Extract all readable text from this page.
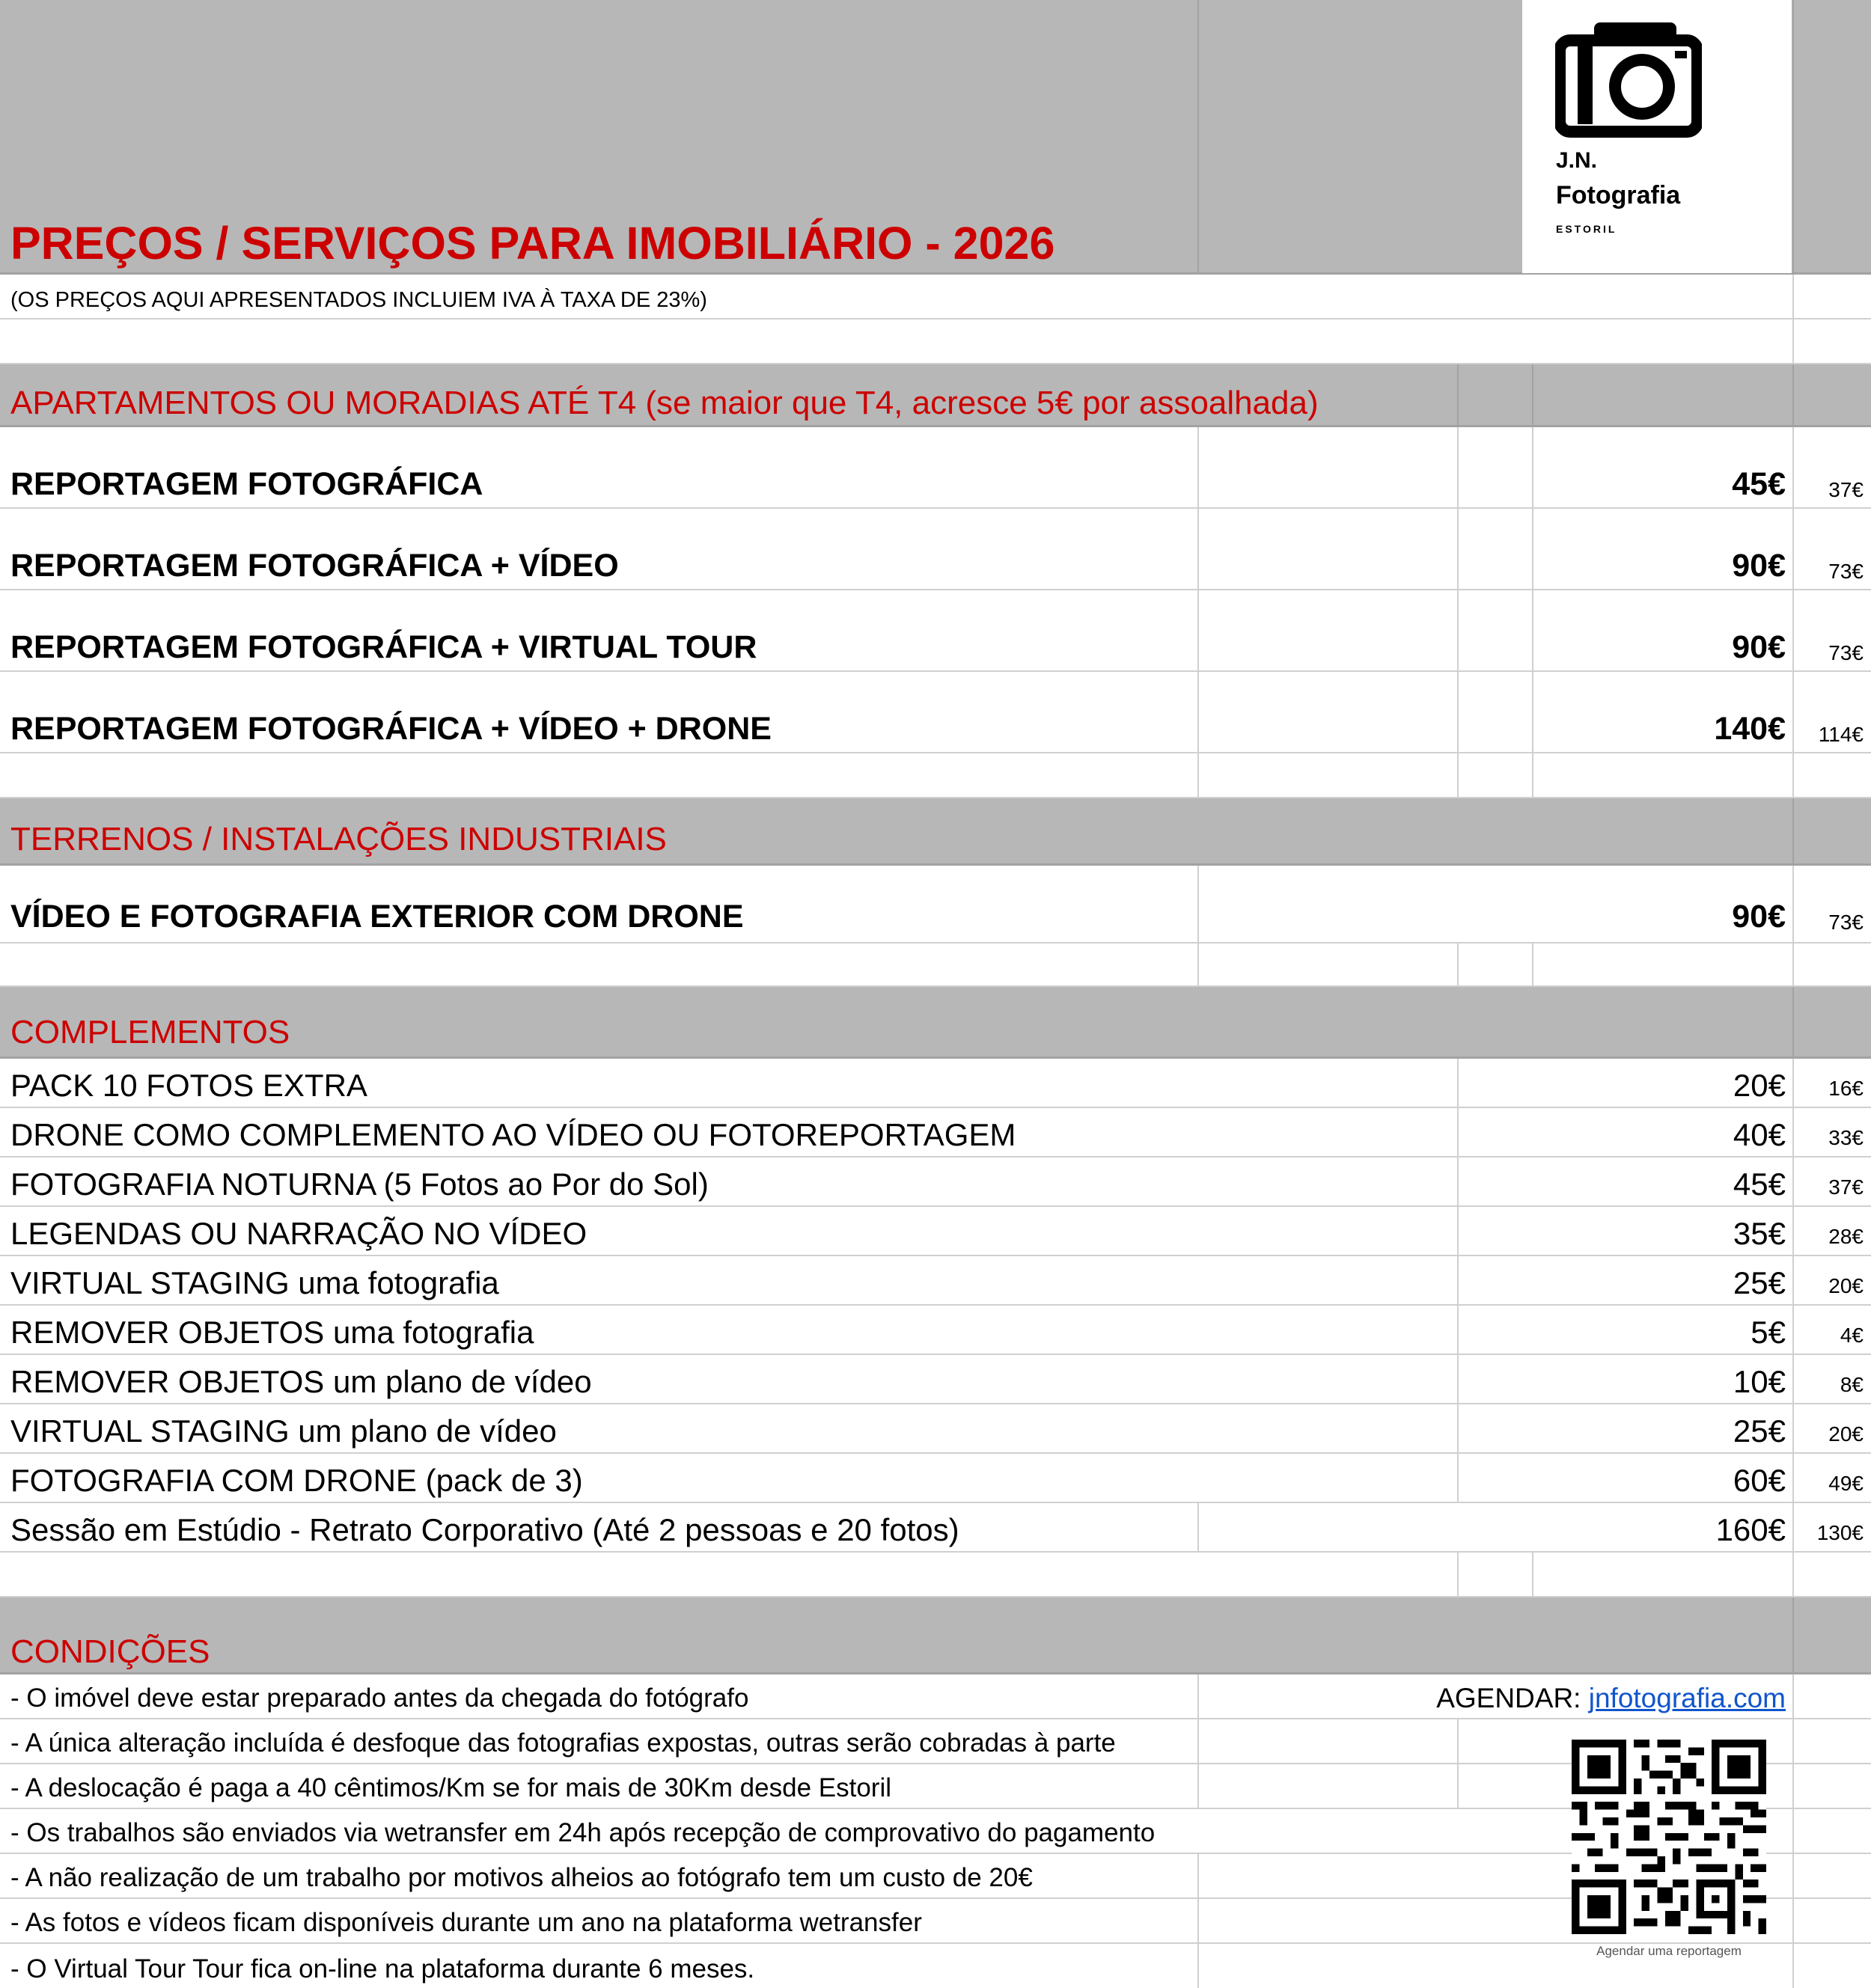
PREÇOS / SERVIÇOS PARA IMOBILIÁRIO - 2026
J.N.
Fotografia
ESTORIL
(OS PREÇOS AQUI APRESENTADOS INCLUIEM IVA À TAXA DE 23%)
APARTAMENTOS OU MORADIAS ATÉ T4 (se maior que T4, acresce 5€ por assoalhada)
REPORTAGEM FOTOGRÁFICA	45€ 37€
REPORTAGEM FOTOGRÁFICA + VÍDEO	90€ 73€
REPORTAGEM FOTOGRÁFICA + VIRTUAL TOUR	90€ 73€
REPORTAGEM FOTOGRÁFICA + VÍDEO + DRONE	140€ 114€
TERRENOS / INSTALAÇÕES INDUSTRIAIS
VÍDEO E FOTOGRAFIA EXTERIOR COM DRONE	90€ 73€
COMPLEMENTOS
PACK 10 FOTOS EXTRA	20€ 16€
DRONE COMO COMPLEMENTO AO VÍDEO OU FOTOREPORTAGEM	40€ 33€
FOTOGRAFIA NOTURNA (5 Fotos ao Por do Sol)	45€ 37€
LEGENDAS OU NARRAÇÃO NO VÍDEO	35€ 28€
VIRTUAL STAGING uma fotografia	25€ 20€
REMOVER OBJETOS uma fotografia	5€	4€
REMOVER OBJETOS um plano de vídeo	10€	8€
VIRTUAL STAGING um plano de vídeo	25€ 20€
FOTOGRAFIA COM DRONE (pack de 3)	60€ 49€
Sessão em Estúdio - Retrato Corporativo (Até 2 pessoas e 20 fotos)	160€ 130€
CONDIÇÕES
- O imóvel deve estar preparado antes da chegada do fotógrafo	AGENDAR: jnfotografia.com
- A única alteração incluída é desfoque das fotografias expostas, outras serão cobradas à parte
- A deslocação é paga a 40 cêntimos/Km se for mais de 30Km desde Estoril
- Os trabalhos são enviados via wetransfer em 24h após recepção de comprovativo do pagamento
- A não realização de um trabalho por motivos alheios ao fotógrafo tem um custo de 20€
- As fotos e vídeos ficam disponíveis durante um ano na plataforma wetransfer
- O Virtual Tour Tour fica on-line na plataforma durante 6 meses.
Agendar uma reportagem
